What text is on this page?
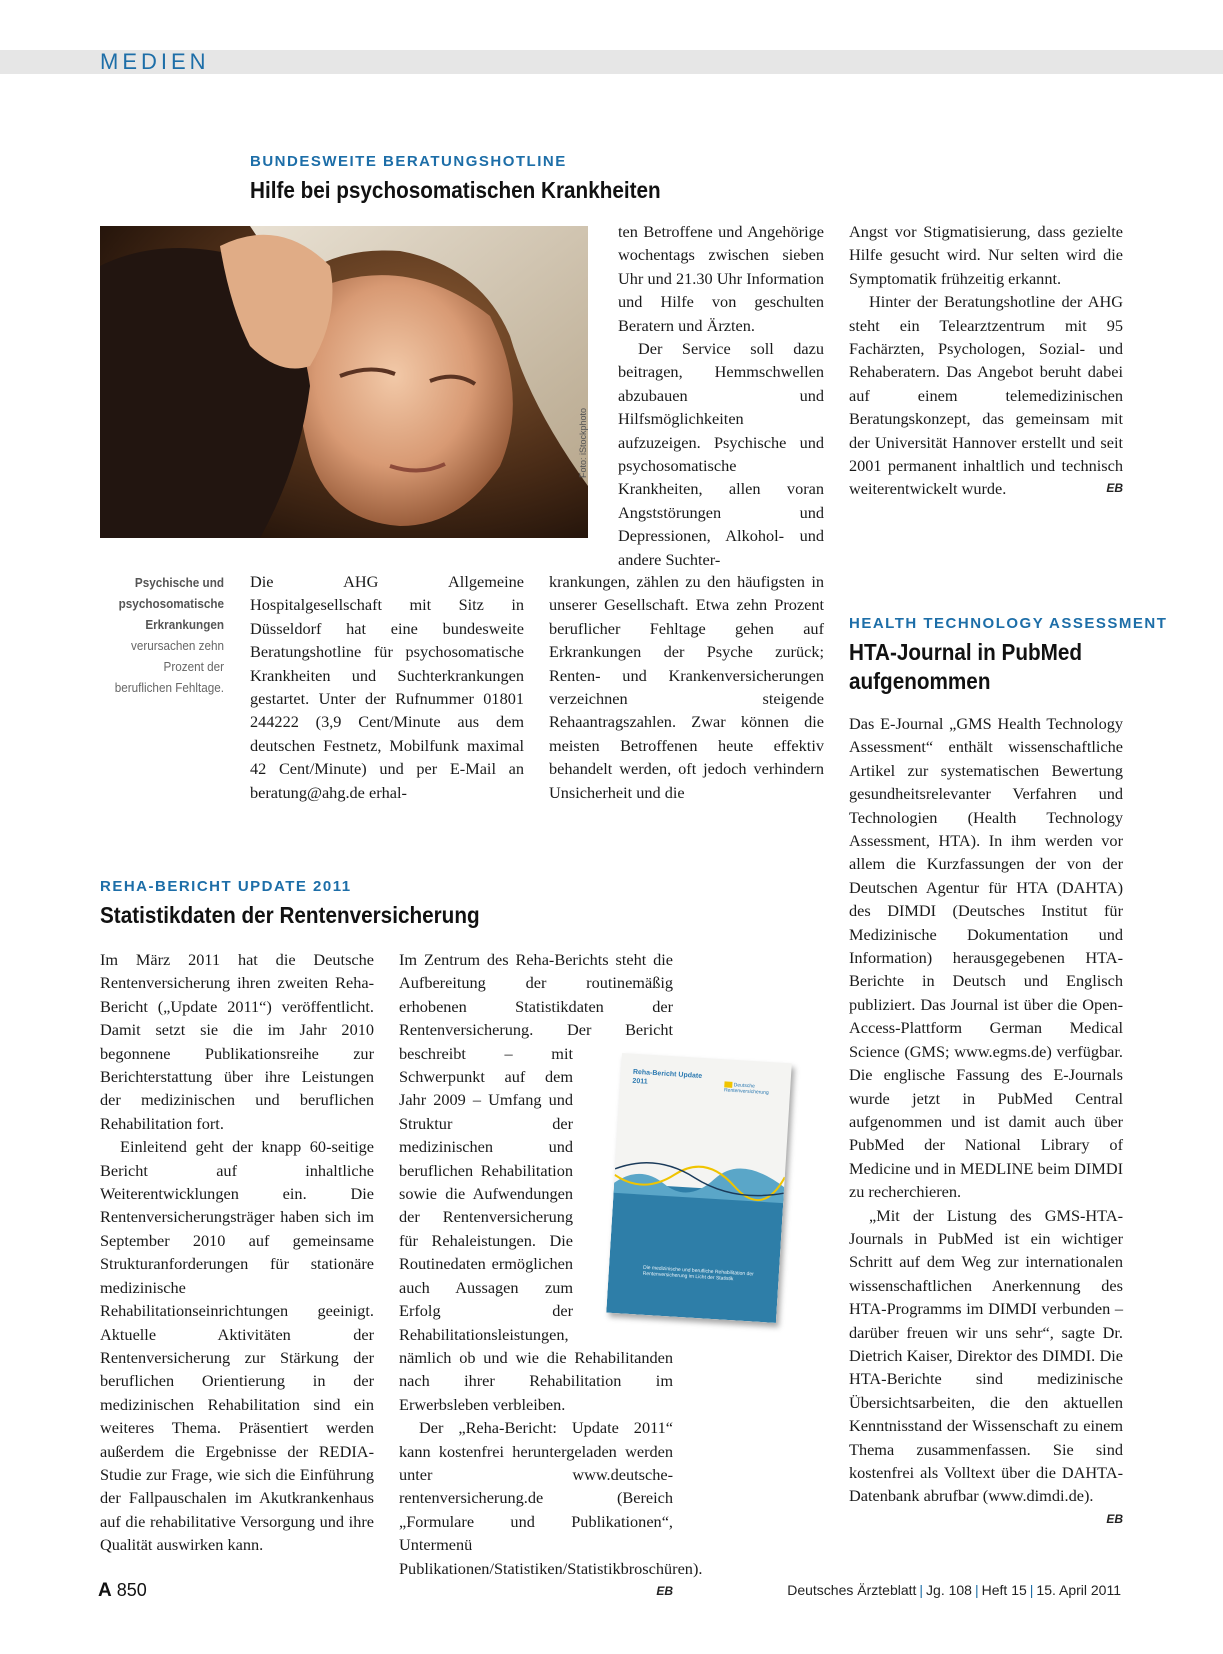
MEDIEN
BUNDESWEITE BERATUNGSHOTLINE
Hilfe bei psychosomatischen Krankheiten
Foto: iStockphoto
Psychische und psychosomatische Erkrankungen verursachen zehn Prozent der beruflichen Fehltage.

Die AHG Allgemeine Hospitalgesellschaft mit Sitz in Düsseldorf hat eine bundesweite Beratungshotline für psychosomatische Krankheiten und Suchterkrankungen gestartet. Unter der Rufnummer 01801 244222 (3,9 Cent/Minute aus dem deutschen Festnetz, Mobilfunk maximal 42 Cent/Minute) und per E-Mail an beratung@ahg.de erhal-

ten Betroffene und Angehörige wochentags zwischen sieben Uhr und 21.30 Uhr Information und Hilfe von geschulten Beratern und Ärzten.

Der Service soll dazu beitragen, Hemmschwellen abzubauen und Hilfsmöglichkeiten aufzuzeigen. Psychische und psychosomatische Krankheiten, allen voran Angststörungen und Depressionen, Alkohol- und andere Suchter-

krankungen, zählen zu den häufigsten in unserer Gesellschaft. Etwa zehn Prozent beruflicher Fehltage gehen auf Erkrankungen der Psyche zurück; Renten- und Krankenversicherungen verzeichnen steigende Rehaantragszahlen. Zwar können die meisten Betroffenen heute effektiv behandelt werden, oft jedoch verhindern Unsicherheit und die

Angst vor Stigmatisierung, dass gezielte Hilfe gesucht wird. Nur selten wird die Symptomatik frühzeitig erkannt.

Hinter der Beratungshotline der AHG steht ein Telearztzentrum mit 95 Fachärzten, Psychologen, Sozial- und Rehaberatern. Das Angebot beruht dabei auf einem telemedizinischen Beratungskonzept, das gemeinsam mit der Universität Hannover erstellt und seit 2001 permanent inhaltlich und technisch weiterentwickelt wurde.	EB

HEALTH TECHNOLOGY ASSESSMENT
HTA-Journal in PubMed aufgenommen

Das E-Journal „GMS Health Technology Assessment“ enthält wissenschaftliche Artikel zur systematischen Bewertung gesundheitsrelevanter Verfahren und Technologien (Health Technology Assessment, HTA). In ihm werden vor allem die Kurzfassungen der von der Deutschen Agentur für HTA (DAHTA) des DIMDI (Deutsches Institut für Medizinische Dokumentation und Information) herausgegebenen HTA-Berichte in Deutsch und Englisch publiziert. Das Journal ist über die Open-Access-Plattform German Medical Science (GMS; www.egms.de) verfügbar. Die englische Fassung des E-Journals wurde jetzt in PubMed Central aufgenommen und ist damit auch über PubMed der National Library of Medicine und in MEDLINE beim DIMDI zu recherchieren.

„Mit der Listung des GMS-HTA-Journals in PubMed ist ein wichtiger Schritt auf dem Weg zur internationalen wissenschaftlichen Anerkennung des HTA-Programms im DIMDI verbunden – darüber freuen wir uns sehr“, sagte Dr. Dietrich Kaiser, Direktor des DIMDI. Die HTA-Berichte sind medizinische Übersichtsarbeiten, die den aktuellen Kenntnisstand der Wissenschaft zu einem Thema zusammenfassen. Sie sind kostenfrei als Volltext über die DAHTA-Datenbank abrufbar (www.dimdi.de).
EB

REHA-BERICHT UPDATE 2011
Statistikdaten der Rentenversicherung

Im März 2011 hat die Deutsche Rentenversicherung ihren zweiten Reha-Bericht („Update 2011“) veröffentlicht. Damit setzt sie die im Jahr 2010 begonnene Publikationsreihe zur Berichterstattung über ihre Leistungen der medizinischen und beruflichen Rehabilitation fort.

Einleitend geht der knapp 60-seitige Bericht auf inhaltliche Weiterentwicklungen ein. Die Rentenversicherungsträger haben sich im September 2010 auf gemeinsame Strukturanforderungen für stationäre medizinische Rehabilitationseinrichtungen geeinigt. Aktuelle Aktivitäten der Rentenversicherung zur Stärkung der beruflichen Orientierung in der medizinischen Rehabilitation sind ein weiteres Thema. Präsentiert werden außerdem die Ergebnisse der REDIA-Studie zur Frage, wie sich die Einführung der Fallpauschalen im Akutkrankenhaus auf die rehabilitative Versorgung und ihre Qualität auswirken kann.

Im Zentrum des Reha-Berichts steht die Aufbereitung der routinemäßig erhobenen Statistikdaten der Rentenversicherung. Der Bericht beschreibt – mit Schwerpunkt auf dem Jahr 2009 – Umfang und Struktur der medizinischen und beruflichen Rehabilitation sowie die Aufwendungen der Rentenversicherung für Rehaleistungen. Die Routinedaten ermöglichen auch Aussagen zum Erfolg der Rehabilitationsleistungen, nämlich ob und wie die Rehabilitanden nach ihrer Rehabilitation im Erwerbsleben verbleiben.

Der „Reha-Bericht: Update 2011“ kann kostenfrei heruntergeladen werden unter www.deutsche-rentenversicherung.de (Bereich „Formulare und Publikationen“, Untermenü Publikationen/Statistiken/Statistikbroschüren).
EB

Reha-Bericht Update 2011
Deutsche Rentenversicherung
Die medizinische und berufliche Rehabilitation der Rentenversicherung im Licht der Statistik
A 850	Deutsches Ärzteblatt | Jg. 108 | Heft 15 | 15. April 2011
